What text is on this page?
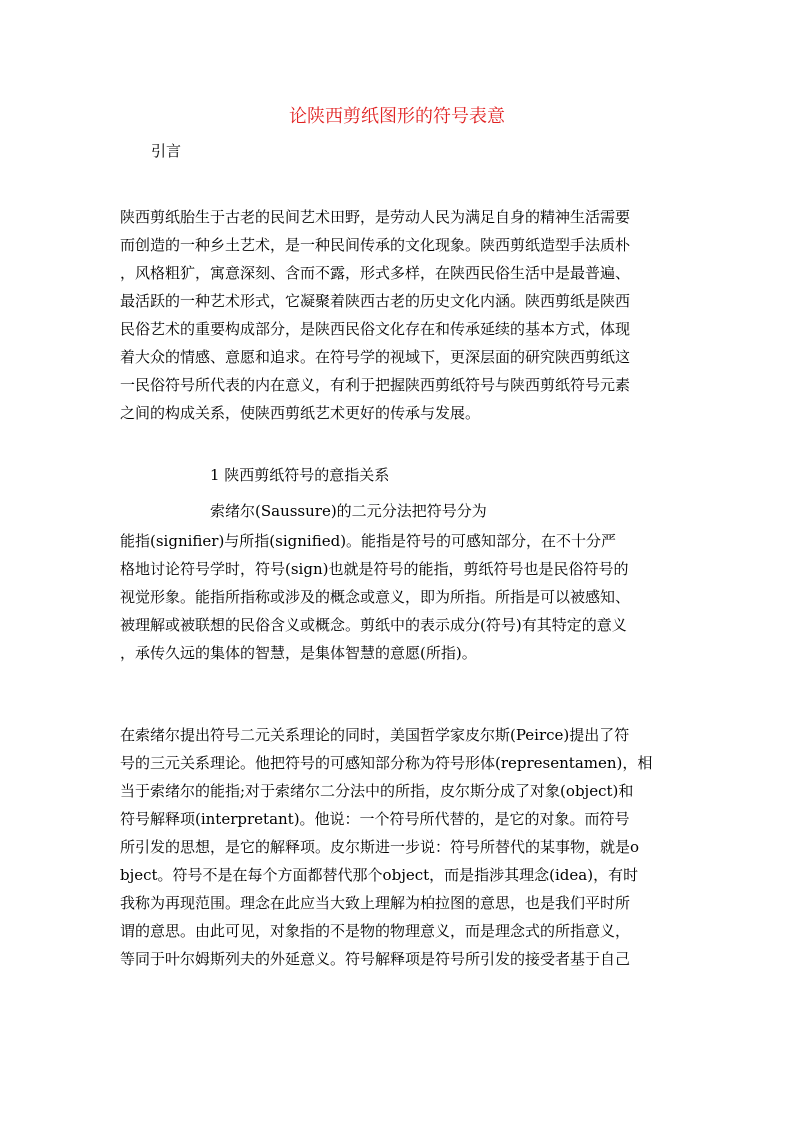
论陕西剪纸图形的符号表意
引言
陕西剪纸胎生于古老的民间艺术田野，是劳动人民为满足自身的精神生活需要
而创造的一种乡土艺术，是一种民间传承的文化现象。陕西剪纸造型手法质朴
，风格粗犷，寓意深刻、含而不露，形式多样，在陕西民俗生活中是最普遍、
最活跃的一种艺术形式，它凝聚着陕西古老的历史文化内涵。陕西剪纸是陕西
民俗艺术的重要构成部分，是陕西民俗文化存在和传承延续的基本方式，体现
着大众的情感、意愿和追求。在符号学的视域下，更深层面的研究陕西剪纸这
一民俗符号所代表的内在意义，有利于把握陕西剪纸符号与陕西剪纸符号元素
之间的构成关系，使陕西剪纸艺术更好的传承与发展。
1 陕西剪纸符号的意指关系
索绪尔(Saussure)的二元分法把符号分为
能指(signifier)与所指(signified)。能指是符号的可感知部分，在不十分严
格地讨论符号学时，符号(sign)也就是符号的能指，剪纸符号也是民俗符号的
视觉形象。能指所指称或涉及的概念或意义，即为所指。所指是可以被感知、
被理解或被联想的民俗含义或概念。剪纸中的表示成分(符号)有其特定的意义
，承传久远的集体的智慧，是集体智慧的意愿(所指)。
在索绪尔提出符号二元关系理论的同时，美国哲学家皮尔斯(Peirce)提出了符
号的三元关系理论。他把符号的可感知部分称为符号形体(representamen)，相
当于索绪尔的能指;对于索绪尔二分法中的所指，皮尔斯分成了对象(object)和
符号解释项(interpretant)。他说：一个符号所代替的，是它的对象。而符号
所引发的思想，是它的解释项。皮尔斯进一步说：符号所替代的某事物，就是o
bject。符号不是在每个方面都替代那个object，而是指涉其理念(idea)，有时
我称为再现范围。理念在此应当大致上理解为柏拉图的意思，也是我们平时所
谓的意思。由此可见，对象指的不是物的物理意义，而是理念式的所指意义，
等同于叶尔姆斯列夫的外延意义。符号解释项是符号所引发的接受者基于自己
